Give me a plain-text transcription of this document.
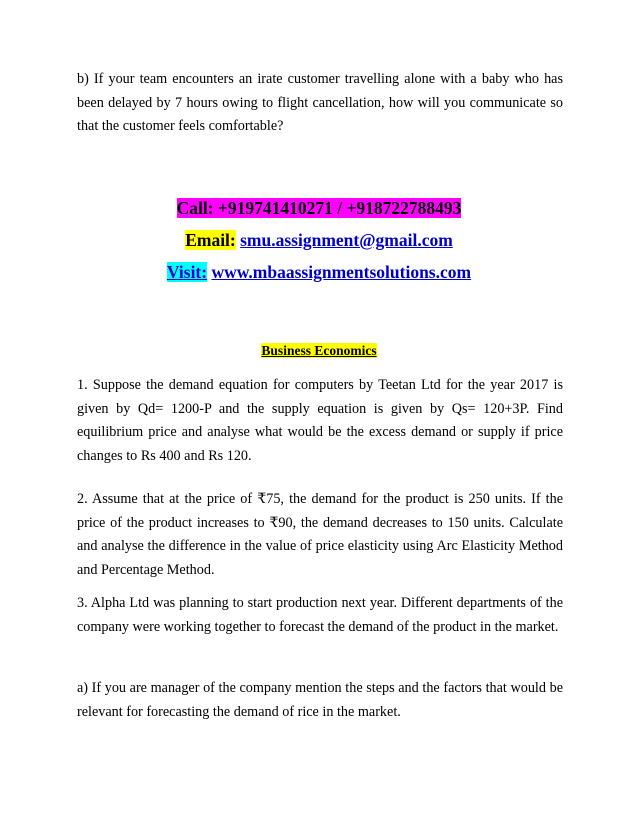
b) If your team encounters an irate customer travelling alone with a baby who has been delayed by 7 hours owing to flight cancellation, how will you communicate so that the customer feels comfortable?

Call: +919741410271 / +918722788493

Email: smu.assignment@gmail.com

Visit: www.mbaassignmentsolutions.com

Business Economics

1. Suppose the demand equation for computers by Teetan Ltd for the year 2017 is given by Qd= 1200-P and the supply equation is given by Qs= 120+3P. Find equilibrium price and analyse what would be the excess demand or supply if price changes to Rs 400 and Rs 120.

2. Assume that at the price of ₹75, the demand for the product is 250 units. If the price of the product increases to ₹90, the demand decreases to 150 units. Calculate and analyse the difference in the value of price elasticity using Arc Elasticity Method and Percentage Method.

3. Alpha Ltd was planning to start production next year. Different departments of the company were working together to forecast the demand of the product in the market.

a) If you are manager of the company mention the steps and the factors that would be relevant for forecasting the demand of rice in the market.
